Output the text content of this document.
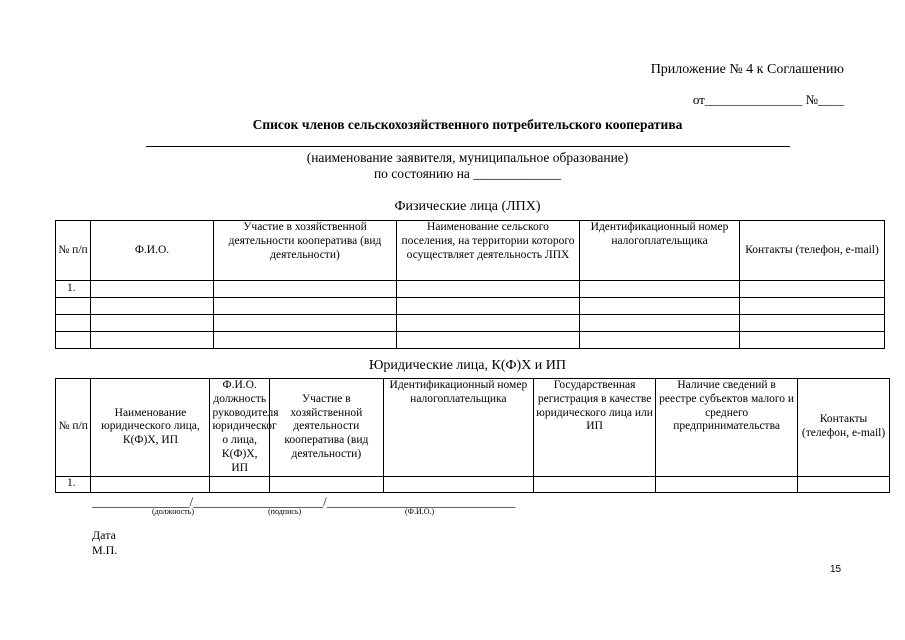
Приложение № 4 к Соглашению
от_______________ №____
Список членов сельскохозяйственного потребительского кооператива
(наименование заявителя, муниципальное образование)
по состоянию на _____________
Физические лица (ЛПХ)
№ п/п	Ф.И.О.	Участие в хозяйственной деятельности кооператива (вид деятельности)	Наименование сельского поселения, на территории которого осуществляет деятельность ЛПХ	Идентификационный номер налогоплательщика	Контакты (телефон, e-mail)
1.					

Юридические лица, К(Ф)Х и ИП
№ п/п	Наименование юридического лица, К(Ф)Х, ИП	Ф.И.О. должность руководителя юридическог о лица, К(Ф)Х, ИП	Участие в хозяйственной деятельности кооператива (вид деятельности)	Идентификационный номер налогоплательщика	Государственная регистрация в качестве юридического лица или ИП	Наличие сведений в реестре субъектов малого и среднего предпринимательства	Контакты (телефон, e-mail)
1.							
_______________/____________________/_____________________________
(должность)	(подпись)	(Ф.И.О.)
Дата
М.П.
15
